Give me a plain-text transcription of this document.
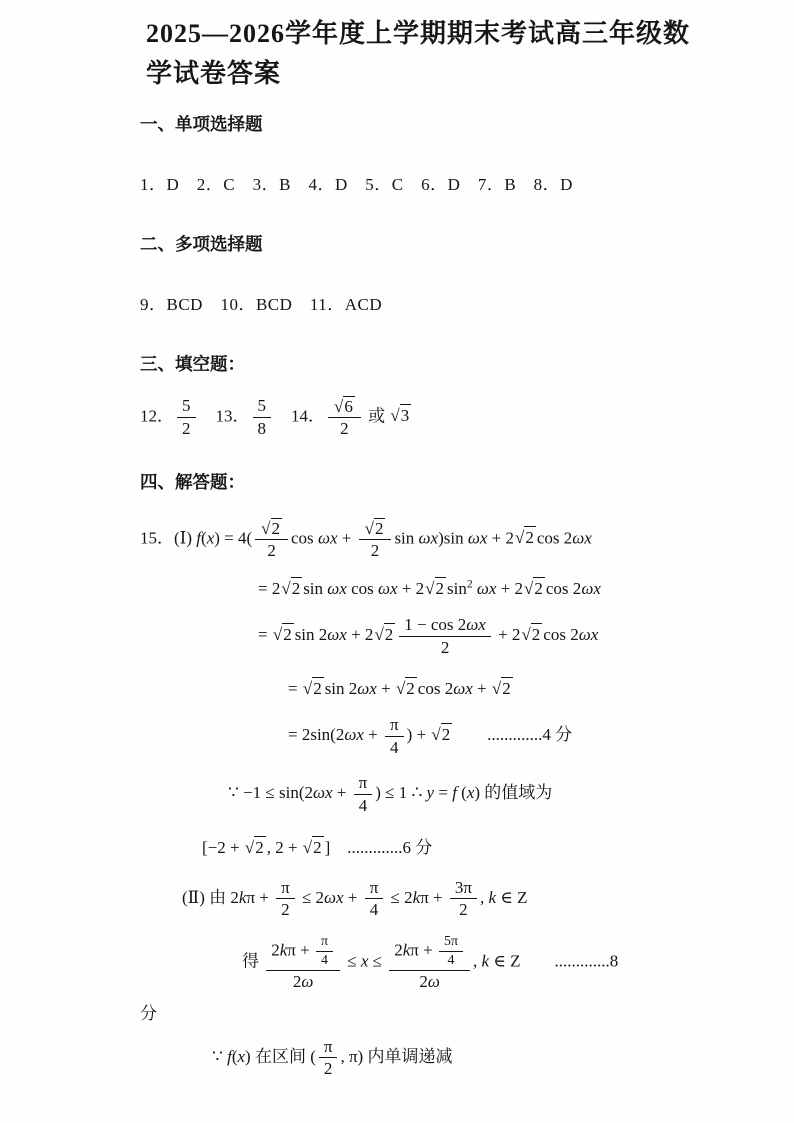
2025—2026学年度上学期期末考试高三年级数学试卷答案
一、单项选择题
1．D　2．C　3．B　4．D　5．C　6．D　7．B　8．D
二、多项选择题
9．BCD　10．BCD　11．ACD
三、填空题：
12． $\frac{5}{2}$ 　13． $\frac{5}{8}$ 　14． $\frac{√6}{2}$ 或 √3
四、解答题：
15．(Ⅰ) $f(x) = 4( \frac{√2}{2}$ $\cos \omega x + \frac{√2}{2}$ sin ωx)sin ωx + 2√2 cos 2ωx
= 2√2 sin ωx cos ωx + 2√2 $\sin^2 \omega x + 2√2$ cos 2ωx
= √2 $\sin 2\omega x + 2√2 \frac{1 - \cos 2\omega x}{2} + 2√2$ cos 2ωx
= √2 sin 2ωx + √2 cos 2ωx + √2
= $2\sin(2\omega x + \frac{\pi}{4}$ ) + √2　　.............4 分
∵ $-1 \le \sin(2\omega x + \frac{\pi}{4}$ ) ≤ 1 ∴ y = f (x) 的值域为
[−2 + √2 , 2 + √2 ]　.............6 分
(Ⅱ) 由 $2k\pi + \frac{\pi}{2} \le 2\omega x + \frac{\pi}{4} \le 2k\pi + \frac{3\pi}{2}$ , k ∈ Z
得 $\frac{2k\pi + \frac{\pi}{4}}{2\omega} \le x \le \frac{2k\pi + \frac{5\pi}{4}}{2\omega}$ , k ∈ Z　　.............8
分
∵ f(x) 在区间 ( $\frac{\pi}{2}$ , π) 内单调递减
